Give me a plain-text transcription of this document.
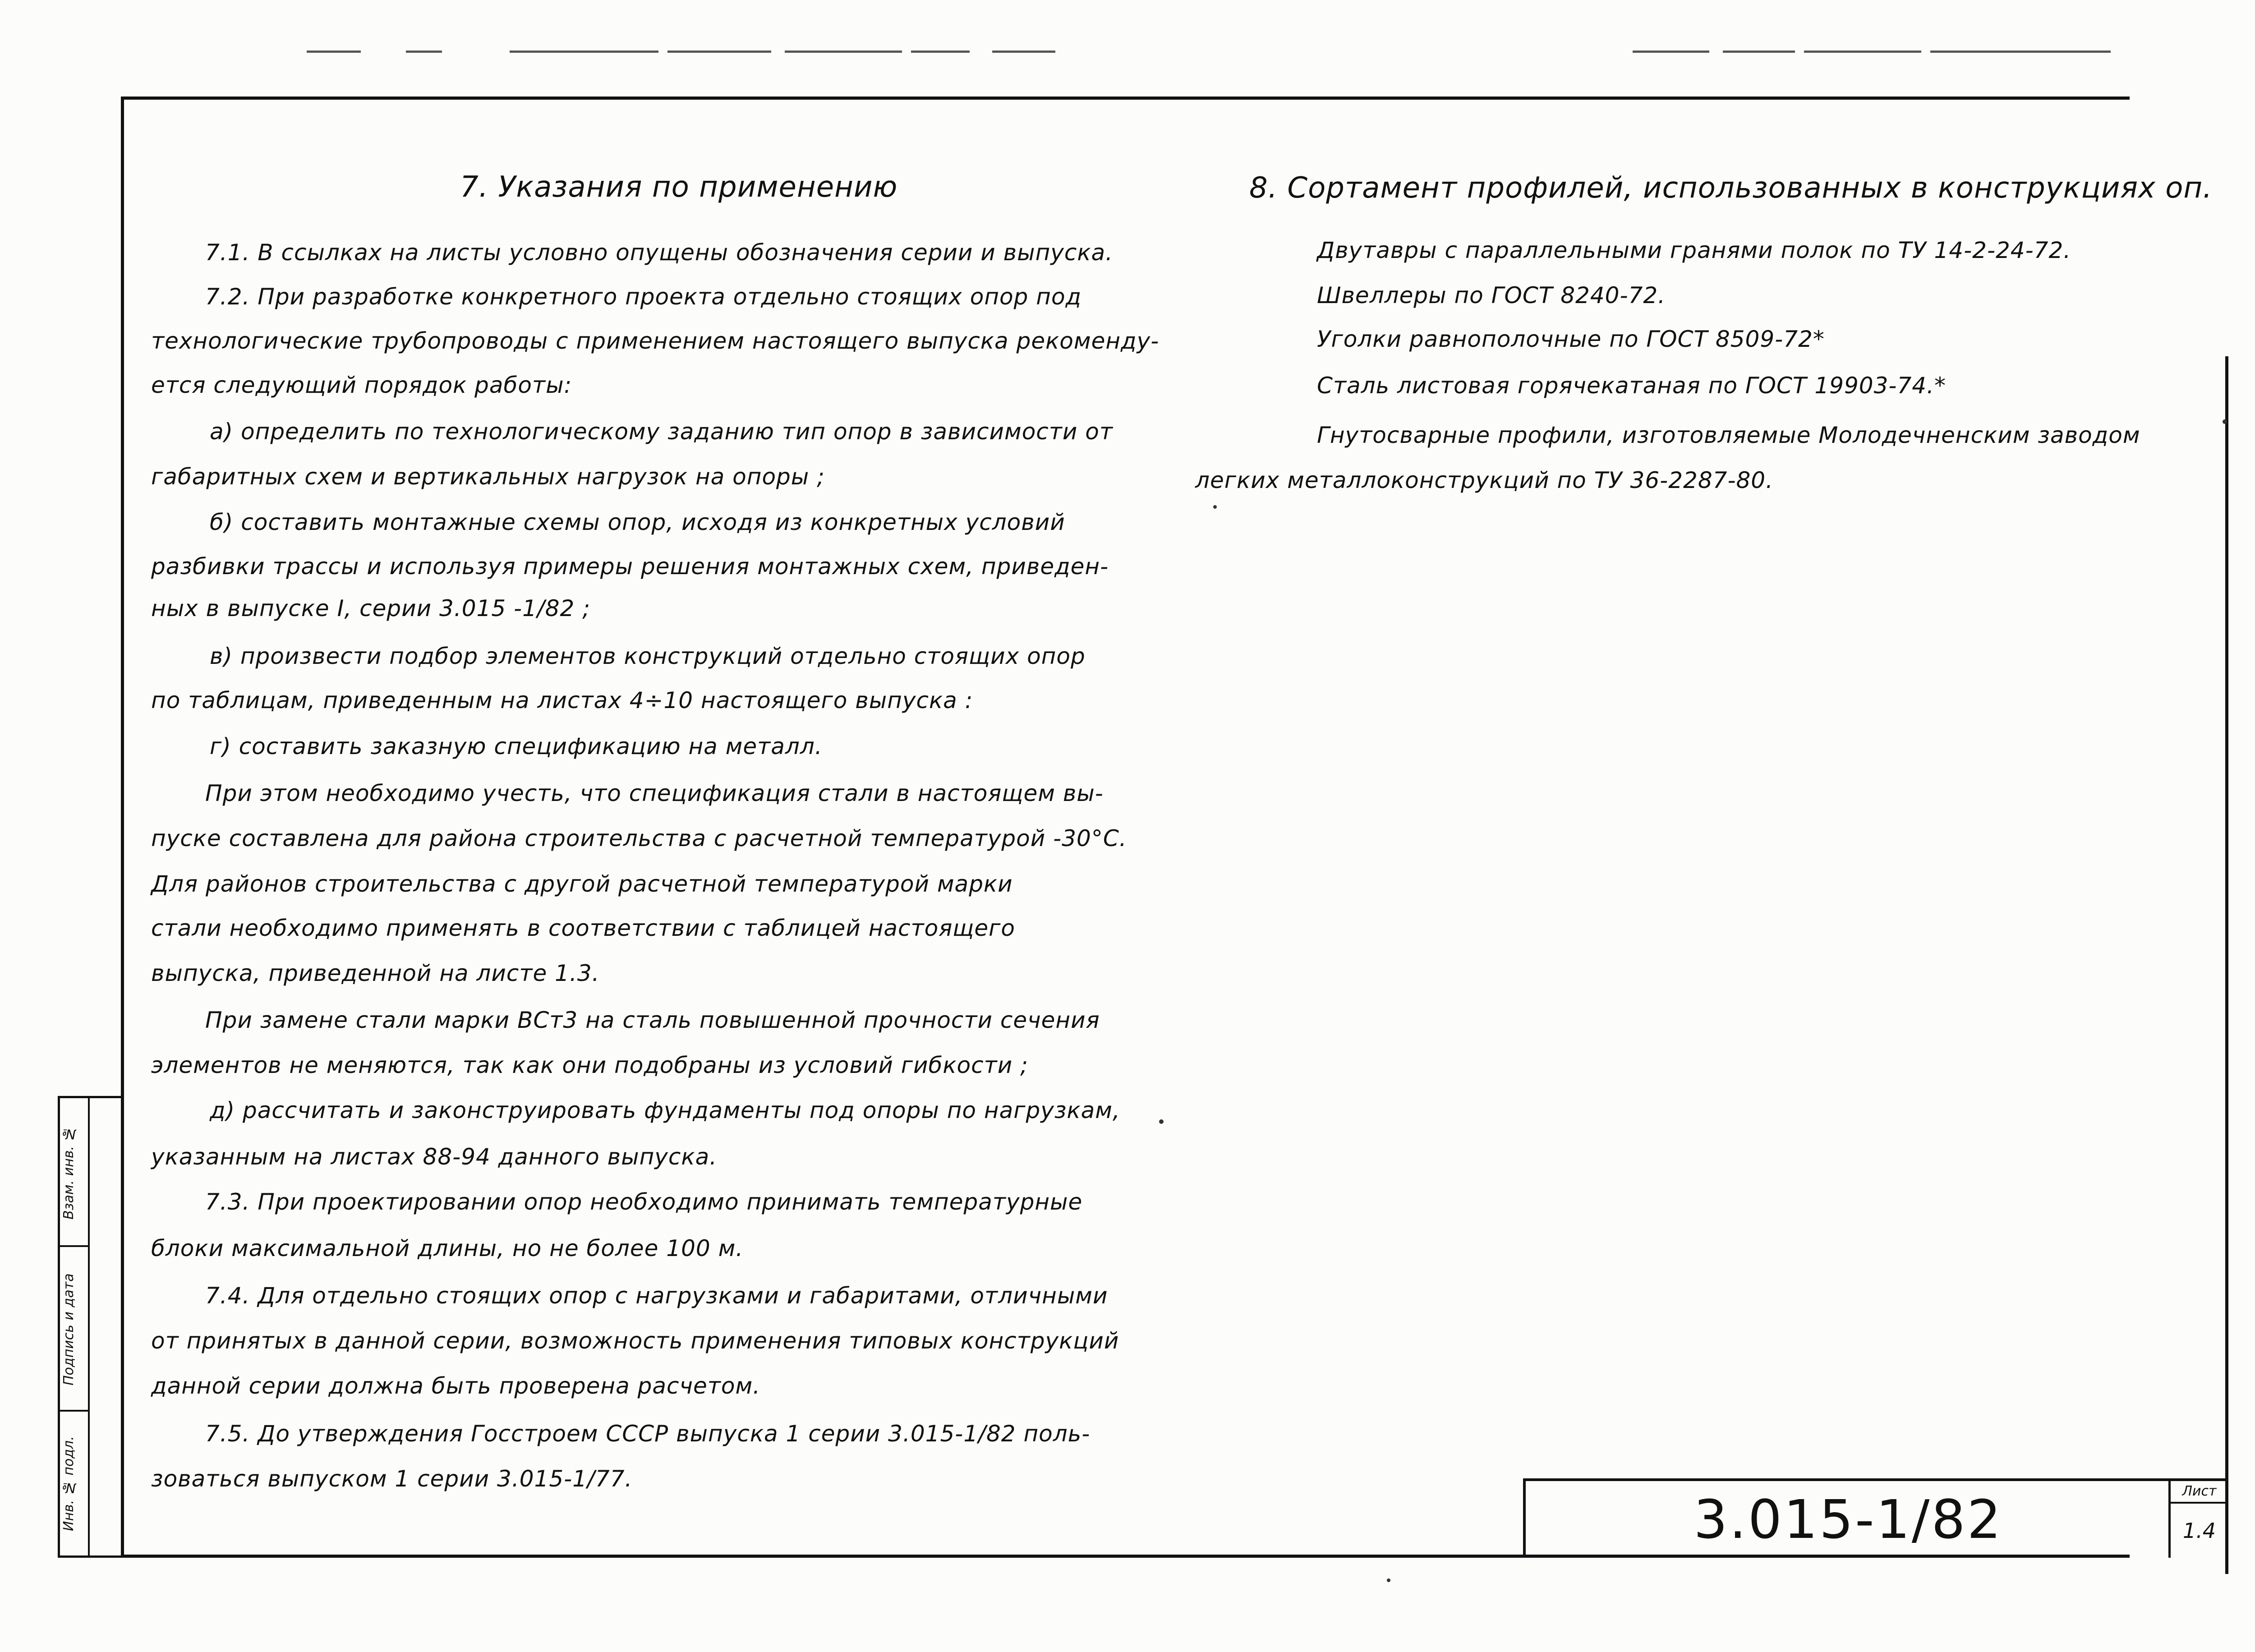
Взам. инв. №
Подпись и дата
Инв. № подл.
7. Указания по применению
7.1. В ссылках на листы условно опущены обозначения серии и выпуска.
7.2. При разработке конкретного проекта отдельно стоящих опор под
технологические трубопроводы с применением настоящего выпуска рекоменду-
ется следующий порядок работы:
а) определить по технологическому заданию тип опор в зависимости от
габаритных схем и вертикальных нагрузок на опоры ;
б) составить монтажные схемы опор, исходя из конкретных условий
разбивки трассы и используя примеры решения монтажных схем, приведен-
ных в выпуске I, серии 3.015 -1/82 ;
в) произвести подбор элементов конструкций отдельно стоящих опор
по таблицам, приведенным на листах 4÷10 настоящего выпуска :
г) составить заказную спецификацию на металл.
При этом необходимо учесть, что спецификация стали в настоящем вы-
пуске составлена для района строительства с расчетной температурой -30°С.
Для районов строительства с другой расчетной температурой марки
стали необходимо применять в соответствии с таблицей настоящего
выпуска, приведенной на листе 1.3.
При замене стали марки ВСт3 на сталь повышенной прочности сечения
элементов не меняются, так как они подобраны из условий гибкости ;
д) рассчитать и законструировать фундаменты под опоры по нагрузкам,
указанным на листах 88-94 данного выпуска.
7.3. При проектировании опор необходимо принимать температурные
блоки максимальной длины, но не более 100 м.
7.4. Для отдельно стоящих опор с нагрузками и габаритами, отличными
от принятых в данной серии, возможность применения типовых конструкций
данной серии должна быть проверена расчетом.
7.5. До утверждения Госстроем СССР выпуска 1 серии 3.015-1/82 поль-
зоваться выпуском 1 серии 3.015-1/77.
8. Сортамент профилей, использованных в конструкциях оп.
Двутавры с параллельными гранями полок по ТУ 14-2-24-72.
Швеллеры по ГОСТ 8240-72.
Уголки равнополочные по ГОСТ 8509-72*
Сталь листовая горячекатаная по ГОСТ 19903-74.*
Гнутосварные профили, изготовляемые Молодечненским заводом
легких металлоконструкций по ТУ 36-2287-80.
3.015-1/82	Лист
1.4
